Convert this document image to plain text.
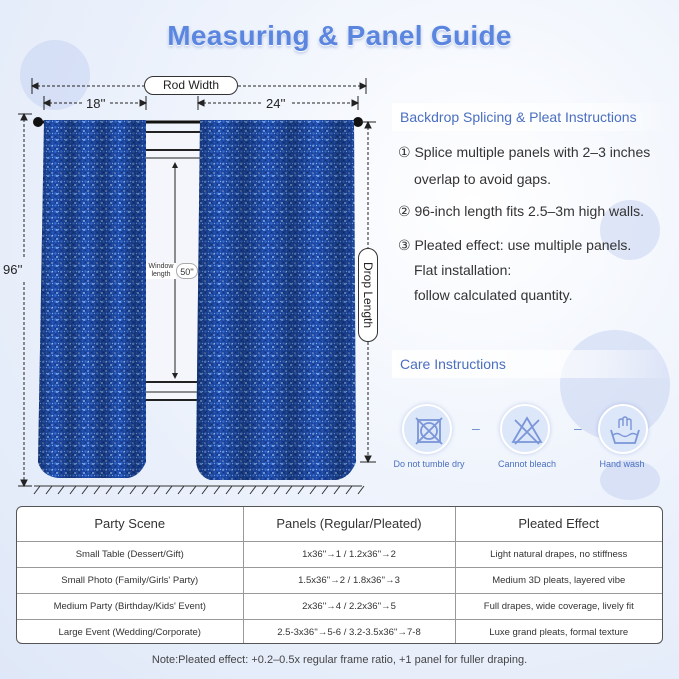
Measuring & Panel Guide
Rod Width
18''	24''
96''	Window length	50''	Drop Length
Backdrop Splicing & Pleat Instructions
① Splice multiple panels with 2–3 inches
overlap to avoid gaps.
② 96-inch length fits 2.5–3m high walls.
③ Pleated effect: use multiple panels.
Flat installation:
follow calculated quantity.
Care Instructions
–	–
Do not tumble dry	Cannot bleach	Hand wash
Party Scene	Panels (Regular/Pleated)	Pleated Effect
Small Table (Dessert/Gift)	1x36''→1 / 1.2x36''→2	Light natural drapes, no stiffness
Small Photo (Family/Girls' Party)	1.5x36''→2 / 1.8x36''→3	Medium 3D pleats, layered vibe
Medium Party (Birthday/Kids' Event)	2x36''→4 / 2.2x36''→5	Full drapes, wide coverage, lively fit
Large Event (Wedding/Corporate)	2.5-3x36''→5-6 / 3.2-3.5x36''→7-8	Luxe grand pleats, formal texture
Note:Pleated effect: +0.2–0.5x regular frame ratio, +1 panel for fuller draping.
